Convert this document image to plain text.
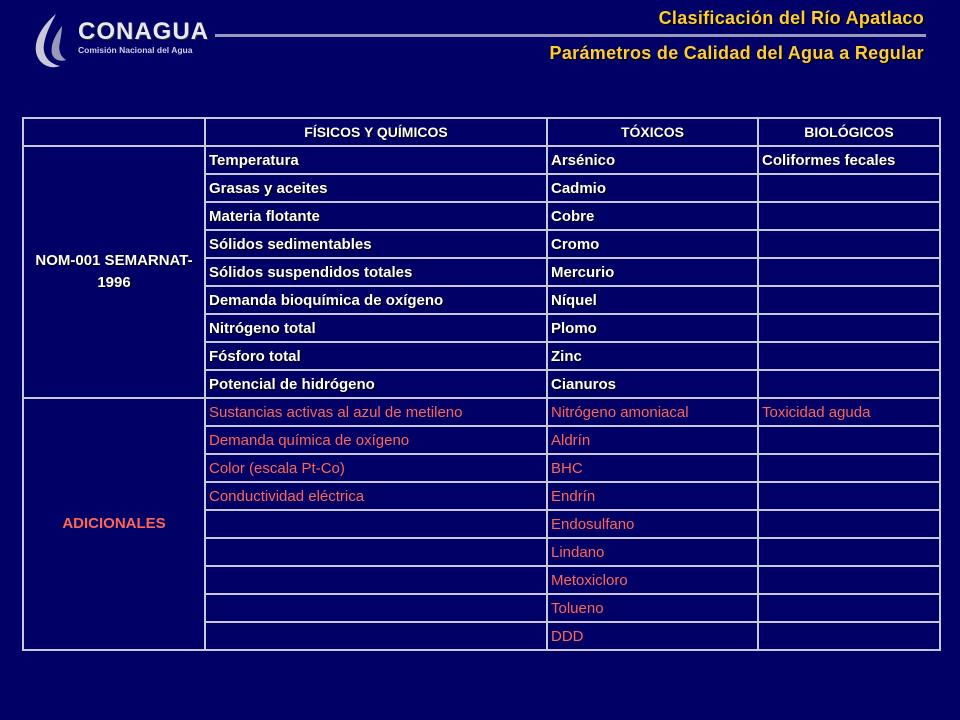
CONAGUA
Comisión Nacional del Agua
Clasificación del Río Apatlaco
Parámetros de Calidad del Agua a Regular
	FÍSICOS Y QUÍMICOS	TÓXICOS	BIOLÓGICOS
NOM-001 SEMARNAT-1996	Temperatura	Arsénico	Coliformes fecales
	Grasas y aceites	Cadmio	
	Materia flotante	Cobre	
	Sólidos sedimentables	Cromo	
	Sólidos suspendidos totales	Mercurio	
	Demanda bioquímica de oxígeno	Níquel	
	Nitrógeno total	Plomo	
	Fósforo total	Zinc	
	Potencial de hidrógeno	Cianuros	
ADICIONALES	Sustancias activas al azul de metileno	Nitrógeno amoniacal	Toxicidad aguda
	Demanda química de oxígeno	Aldrín	
	Color (escala Pt-Co)	BHC	
	Conductividad eléctrica	Endrín	
		Endosulfano	
		Lindano	
		Metoxicloro	
		Tolueno	
		DDD	
